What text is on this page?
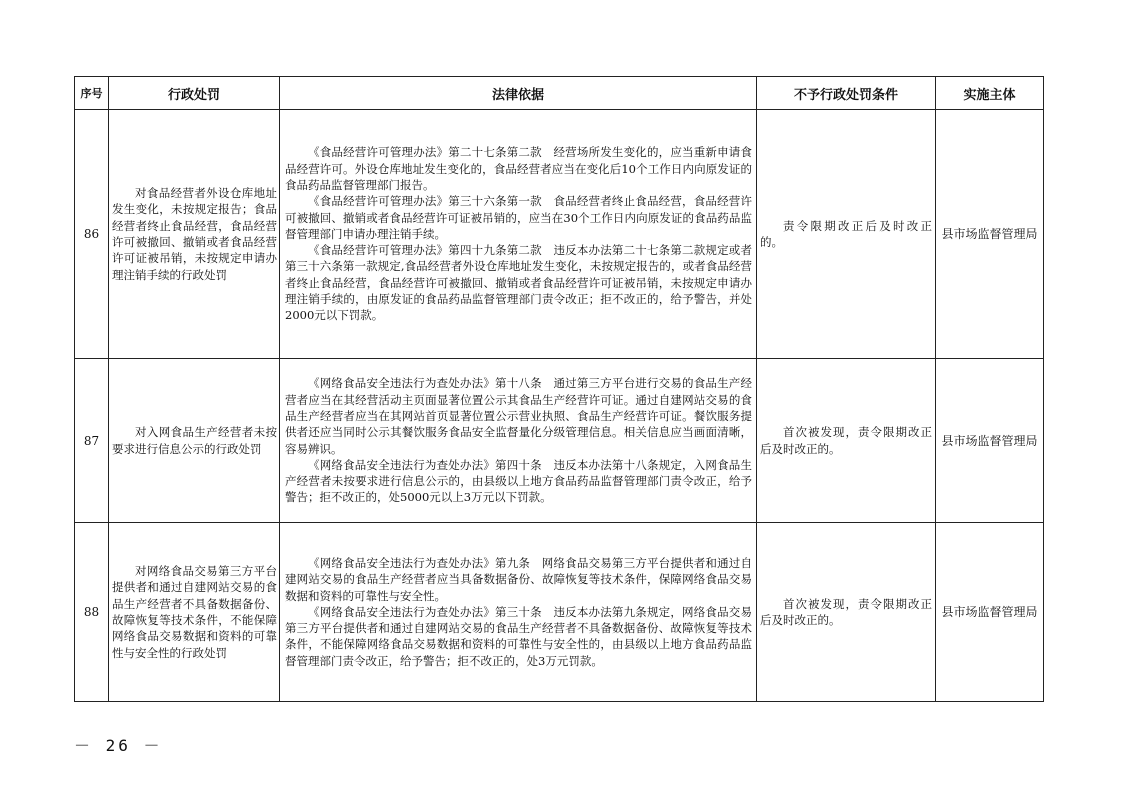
序号	行政处罚	法律依据	不予行政处罚条件	实施主体
86	对食品经营者外设仓库地址发生变化，未按规定报告；食品经营者终止食品经营，食品经营许可被撤回、撤销或者食品经营许可证被吊销，未按规定申请办理注销手续的行政处罚	《食品经营许可管理办法》第二十七条第二款　经营场所发生变化的，应当重新申请食品经营许可。外设仓库地址发生变化的，食品经营者应当在变化后10个工作日内向原发证的食品药品监督管理部门报告。

《食品经营许可管理办法》第三十六条第一款　食品经营者终止食品经营，食品经营许可被撤回、撤销或者食品经营许可证被吊销的，应当在30个工作日内向原发证的食品药品监督管理部门申请办理注销手续。

《食品经营许可管理办法》第四十九条第二款　违反本办法第二十七条第二款规定或者第三十六条第一款规定,食品经营者外设仓库地址发生变化，未按规定报告的，或者食品经营者终止食品经营，食品经营许可被撤回、撤销或者食品经营许可证被吊销，未按规定申请办理注销手续的，由原发证的食品药品监督管理部门责令改正；拒不改正的，给予警告，并处2000元以下罚款。	责令限期改正后及时改正的。	县市场监督管理局
87	对入网食品生产经营者未按要求进行信息公示的行政处罚	《网络食品安全违法行为查处办法》第十八条　通过第三方平台进行交易的食品生产经营者应当在其经营活动主页面显著位置公示其食品生产经营许可证。通过自建网站交易的食品生产经营者应当在其网站首页显著位置公示营业执照、食品生产经营许可证。餐饮服务提供者还应当同时公示其餐饮服务食品安全监督量化分级管理信息。相关信息应当画面清晰，容易辨识。

《网络食品安全违法行为查处办法》第四十条　违反本办法第十八条规定，入网食品生产经营者未按要求进行信息公示的，由县级以上地方食品药品监督管理部门责令改正，给予警告；拒不改正的，处5000元以上3万元以下罚款。	首次被发现，责令限期改正后及时改正的。	县市场监督管理局
88	对网络食品交易第三方平台提供者和通过自建网站交易的食品生产经营者不具备数据备份、故障恢复等技术条件，不能保障网络食品交易数据和资料的可靠性与安全性的行政处罚	《网络食品安全违法行为查处办法》第九条　网络食品交易第三方平台提供者和通过自建网站交易的食品生产经营者应当具备数据备份、故障恢复等技术条件，保障网络食品交易数据和资料的可靠性与安全性。

《网络食品安全违法行为查处办法》第三十条　违反本办法第九条规定，网络食品交易第三方平台提供者和通过自建网站交易的食品生产经营者不具备数据备份、故障恢复等技术条件，不能保障网络食品交易数据和资料的可靠性与安全性的，由县级以上地方食品药品监督管理部门责令改正，给予警告；拒不改正的，处3万元罚款。	首次被发现，责令限期改正后及时改正的。	县市场监督管理局
－ 26 －
